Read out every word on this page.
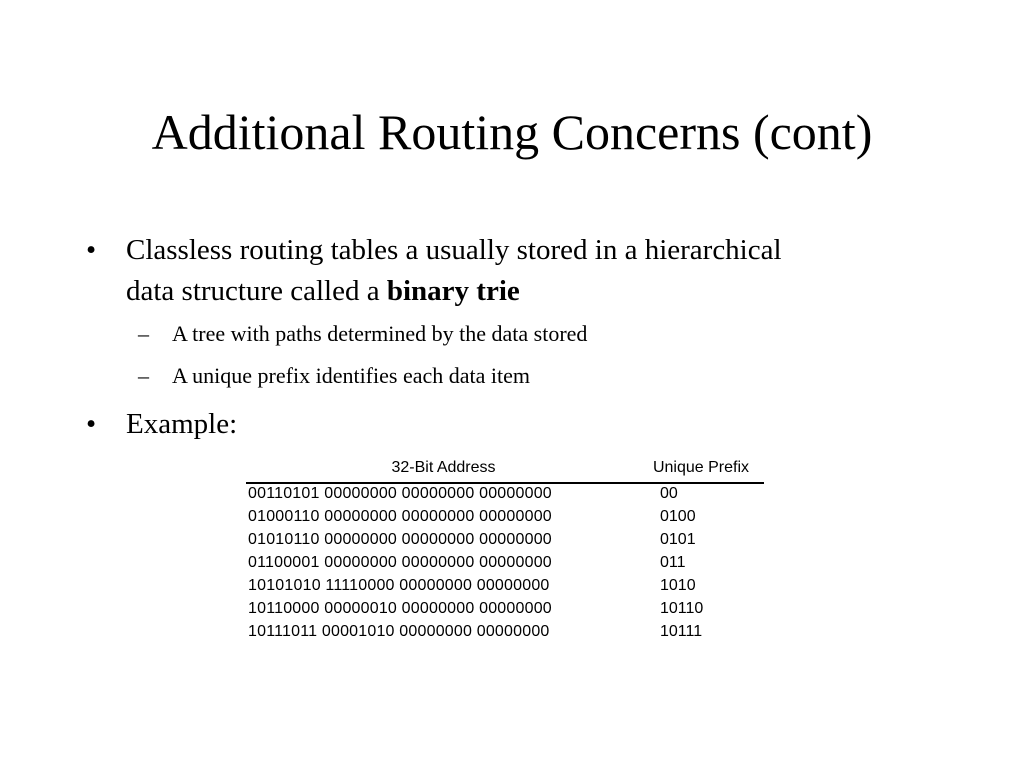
Additional Routing Concerns (cont)
•	Classless routing tables a usually stored in a hierarchical
data structure called a binary trie
– A tree with paths determined by the data stored
– A unique prefix identifies each data item
•	Example:
32-Bit Address	Unique Prefix
00110101 00000000 00000000 00000000	00
01000110 00000000 00000000 00000000	0100
01010110 00000000 00000000 00000000	0101
01100001 00000000 00000000 00000000	011
10101010 11110000 00000000 00000000	1010
10110000 00000010 00000000 00000000	10110
10111011 00001010 00000000 00000000	10111
